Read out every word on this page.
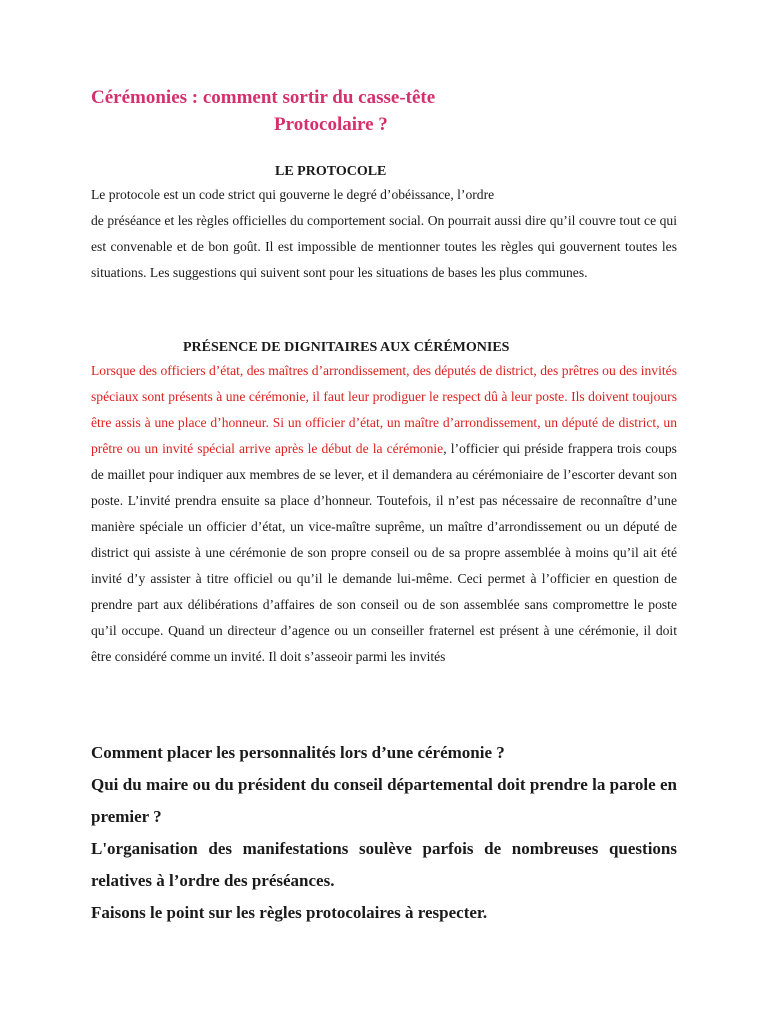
Cérémonies : comment sortir du casse-tête
Protocolaire ?
LE PROTOCOLE

Le protocole est un code strict qui gouverne le degré d’obéissance, l’ordre
de préséance et les règles officielles du comportement social. On pourrait aussi dire qu’il couvre tout ce qui est convenable et de bon goût. Il est impossible de mentionner toutes les règles qui gouvernent toutes les situations. Les suggestions qui suivent sont pour les situations de bases les plus communes.

PRÉSENCE DE DIGNITAIRES AUX CÉRÉMONIES

Lorsque des officiers d’état, des maîtres d’arrondissement, des députés de district, des prêtres ou des invités spéciaux sont présents à une cérémonie, il faut leur prodiguer le respect dû à leur poste. Ils doivent toujours être assis à une place d’honneur. Si un officier d’état, un maître d’arrondissement, un député de district, un prêtre ou un invité spécial arrive après le début de la cérémonie, l’officier qui préside frappera trois coups de maillet pour indiquer aux membres de se lever, et il demandera au cérémoniaire de l’escorter devant son poste. L’invité prendra ensuite sa place d’honneur. Toutefois, il n’est pas nécessaire de reconnaître d’une manière spéciale un officier d’état, un vice-maître suprême, un maître d’arrondissement ou un député de district qui assiste à une cérémonie de son propre conseil ou de sa propre assemblée à moins qu’il ait été invité d’y assister à titre officiel ou qu’il le demande lui-même. Ceci permet à l’officier en question de prendre part aux délibérations d’affaires de son conseil ou de son assemblée sans compromettre le poste qu’il occupe. Quand un directeur d’agence ou un conseiller fraternel est présent à une cérémonie, il doit être considéré comme un invité. Il doit s’asseoir parmi les invités

Comment placer les personnalités lors d’une cérémonie ?

Qui du maire ou du président du conseil départemental doit prendre la parole en premier ?

L'organisation des manifestations soulève parfois de nombreuses questions relatives à l’ordre des préséances.

Faisons le point sur les règles protocolaires à respecter.
